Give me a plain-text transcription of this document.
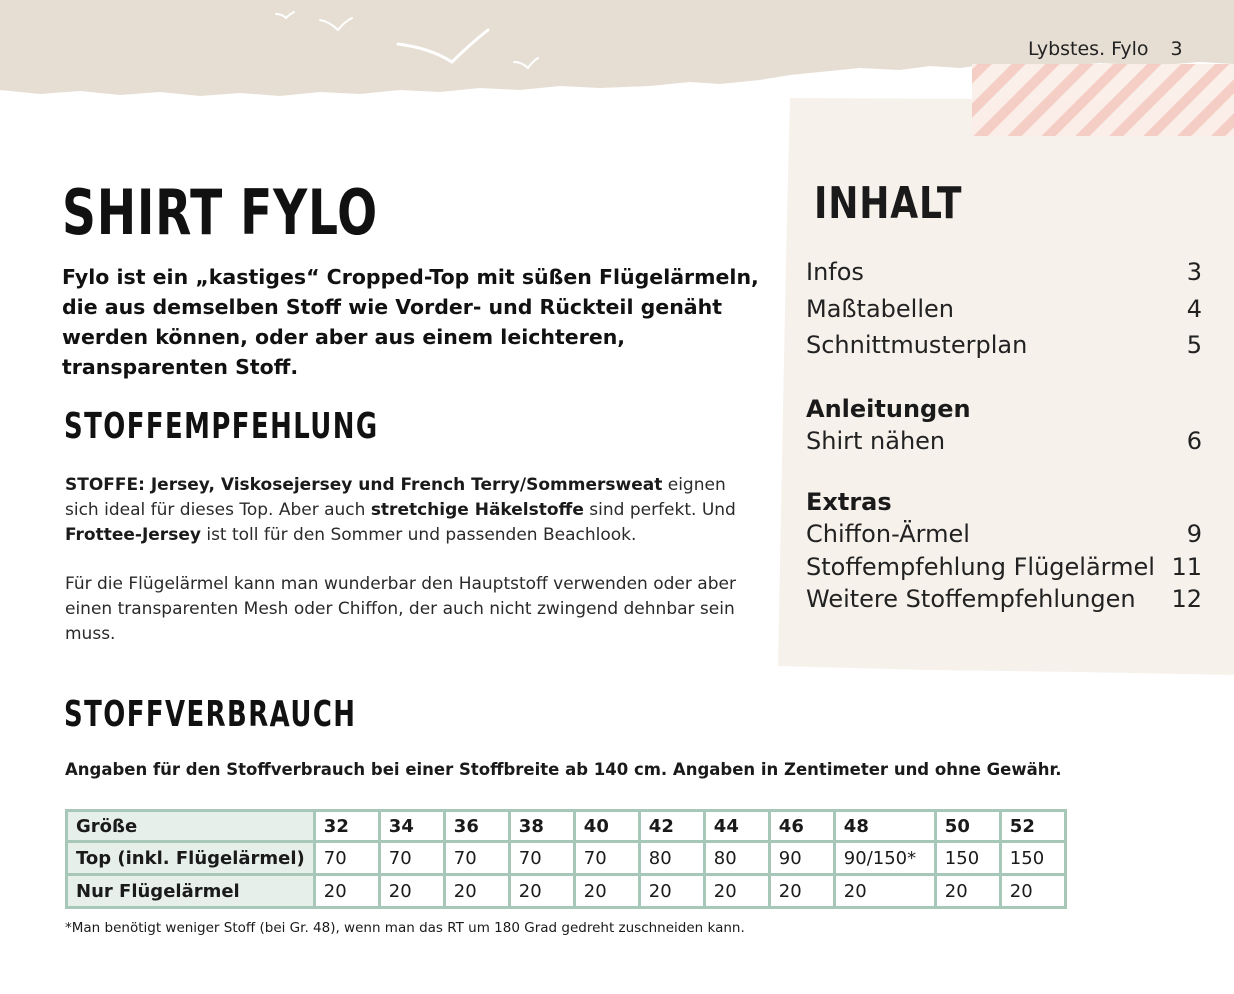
Lybstes. Fylo 3
INHALT
Infos	3
Maßtabellen	4
Schnittmusterplan	5
Anleitungen
Shirt nähen	6
Extras
Chiffon-Ärmel	9
Stoffempfehlung Flügelärmel 11
Weitere Stoffempfehlungen	12
SHIRT FYLO

Fylo ist ein „kastiges“ Cropped-Top mit süßen Flügelärmeln, die aus demselben Stoff wie Vorder- und Rückteil genäht werden können, oder aber aus einem leichteren, transparenten Stoff.

STOFFEMPFEHLUNG

STOFFE: Jersey, Viskosejersey und French Terry/Sommersweat eignen sich ideal für dieses Top. Aber auch stretchige Häkelstoffe sind perfekt. Und Frottee-Jersey ist toll für den Sommer und passenden Beachlook.

Für die Flügelärmel kann man wunderbar den Hauptstoff verwenden oder aber einen transparenten Mesh oder Chiffon, der auch nicht zwingend dehnbar sein muss.

STOFFVERBRAUCH

Angaben für den Stoffverbrauch bei einer Stoffbreite ab 140 cm. Angaben in Zentimeter und ohne Gewähr.

Größe	32	34	36	38	40	42	44	46	48	50	52
Top (inkl. Flügelärmel)	70	70	70	70	70	80	80	90	90/150*	150	150
Nur Flügelärmel	20	20	20	20	20	20	20	20	20	20	20

*Man benötigt weniger Stoff (bei Gr. 48), wenn man das RT um 180 Grad gedreht zuschneiden kann.
